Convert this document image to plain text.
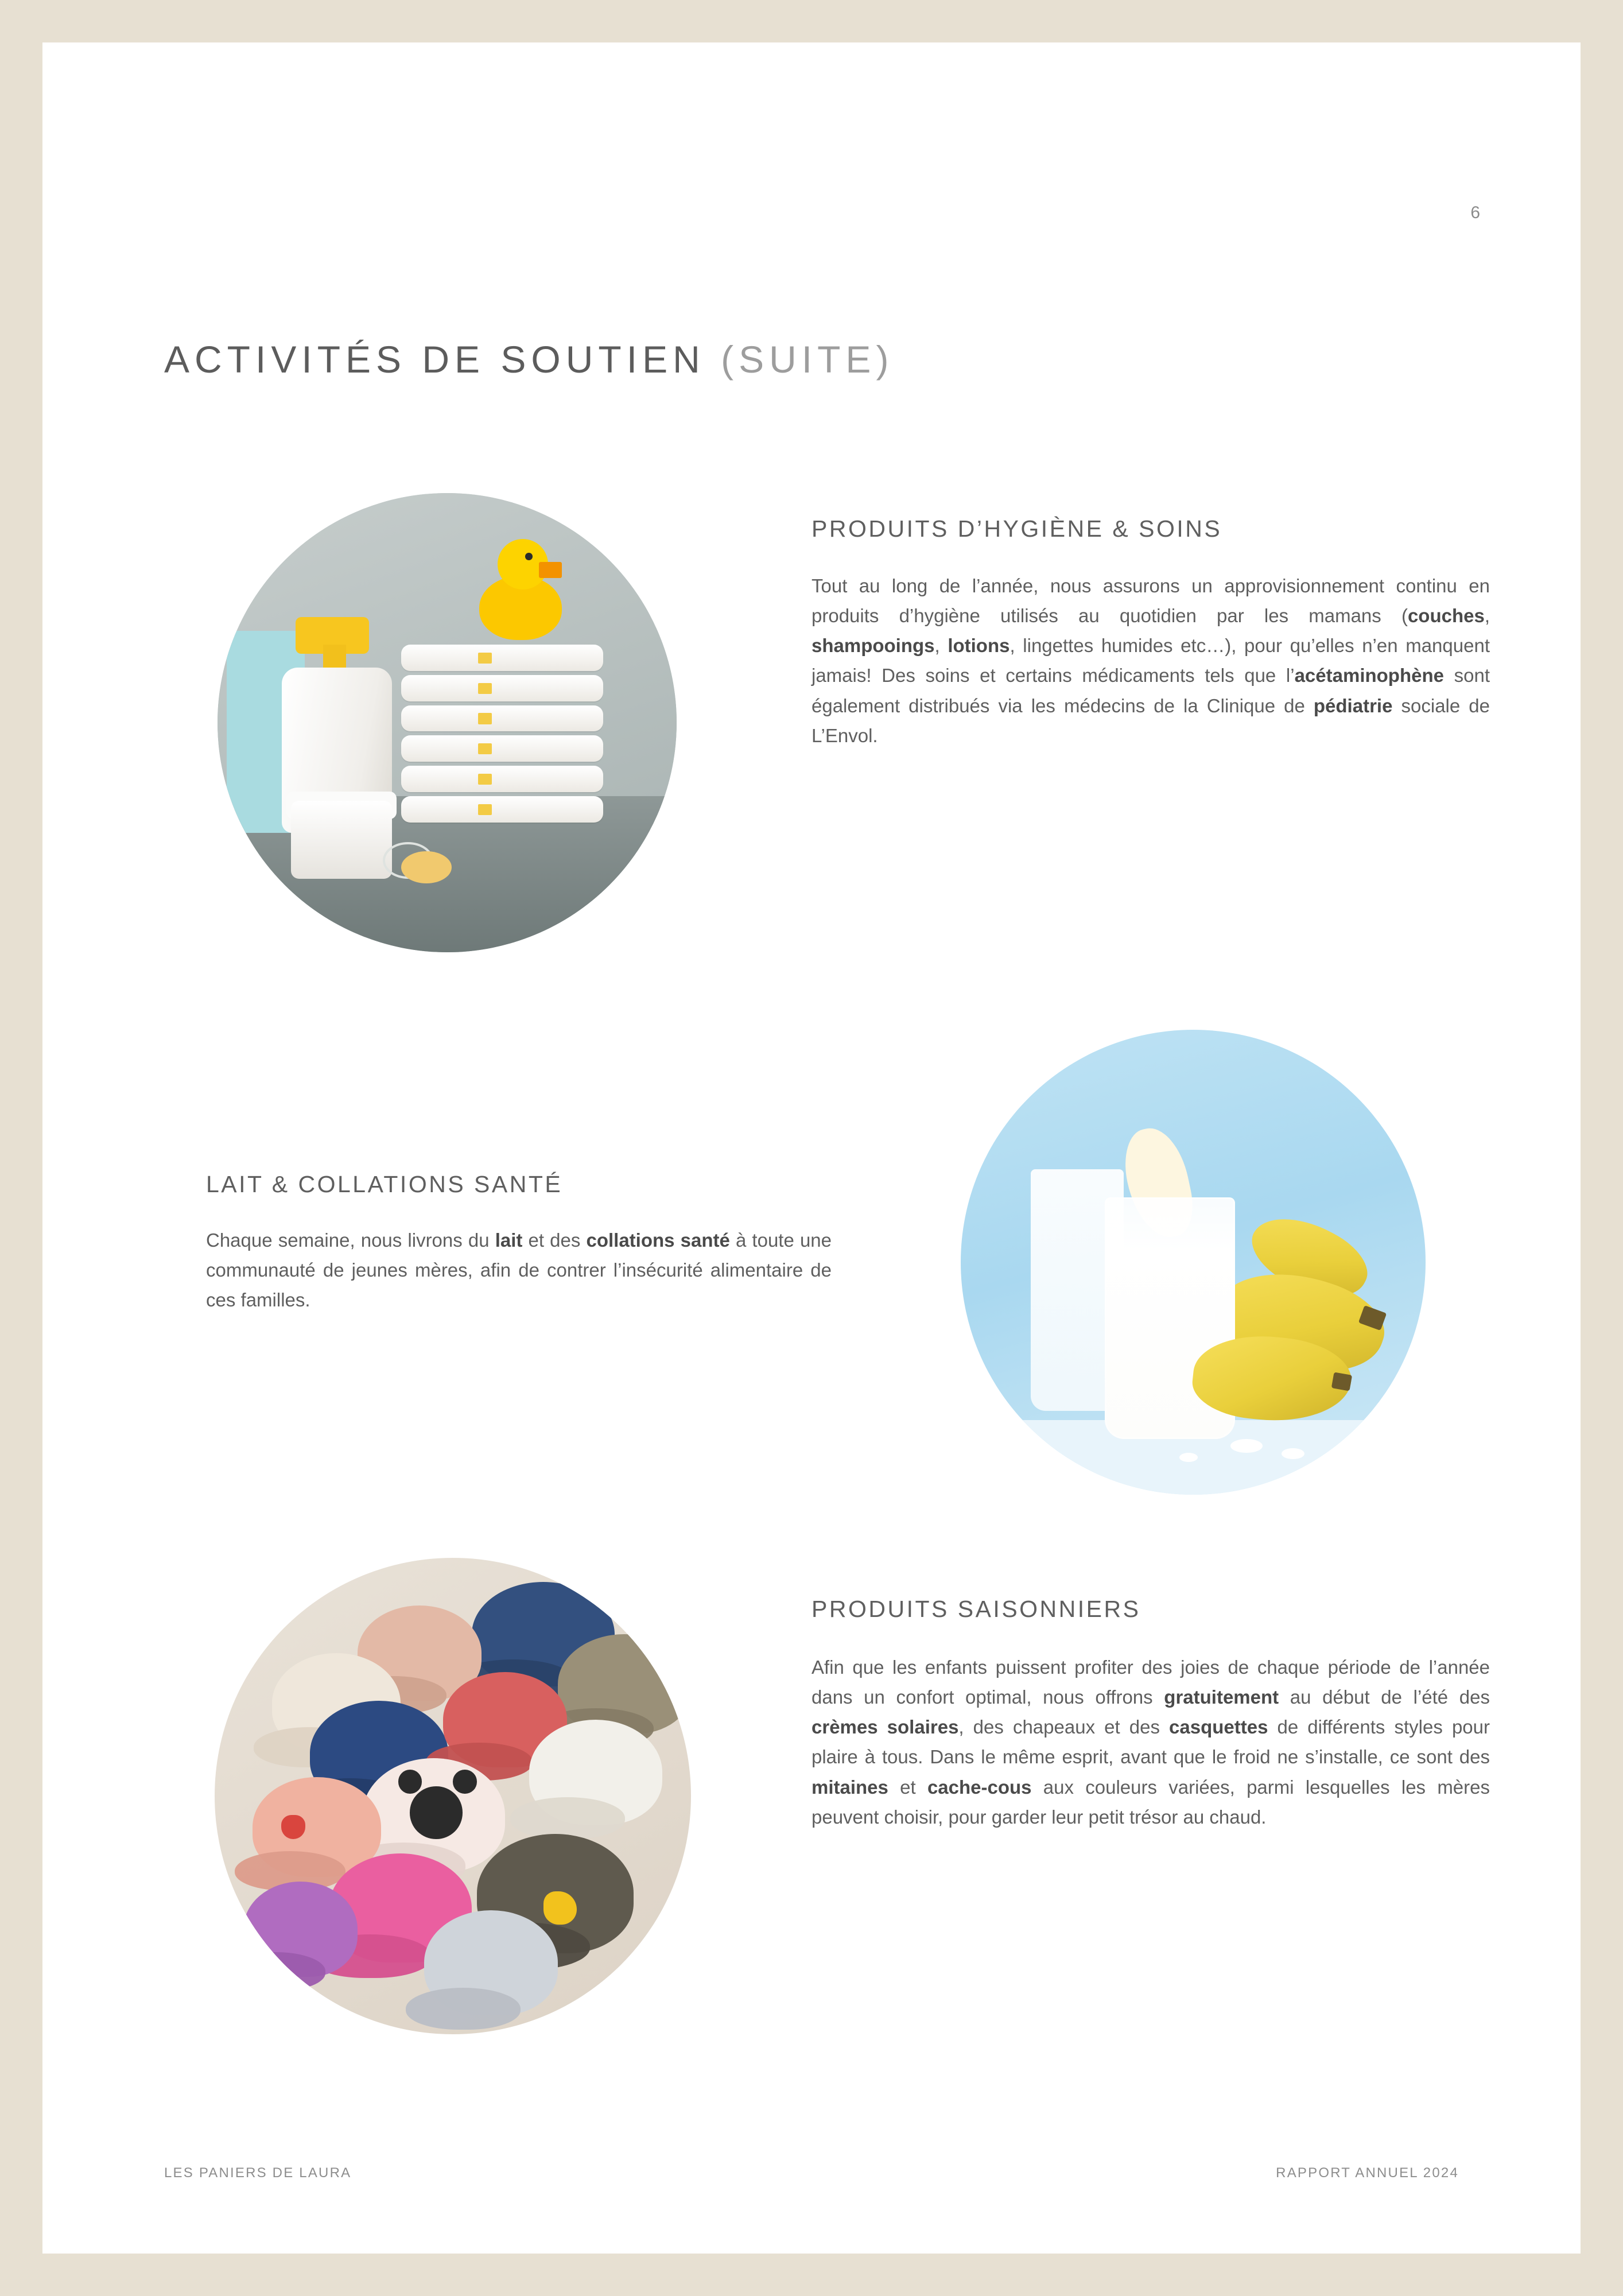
6
ACTIVITÉS DE SOUTIEN (SUITE)
PRODUITS D’HYGIÈNE & SOINS

Tout au long de l’année, nous assurons un approvisionnement continu en produits d’hygiène utilisés au quotidien par les mamans (couches, shampooings, lotions, lingettes humides etc…), pour qu’elles n’en manquent jamais! Des soins et certains médicaments tels que l’acétaminophène sont également distribués via les médecins de la Clinique de pédiatrie sociale de L’Envol.

LAIT & COLLATIONS SANTÉ

Chaque semaine, nous livrons du lait et des collations santé à toute une communauté de jeunes mères, afin de contrer l’insécurité alimentaire de ces familles.

PRODUITS SAISONNIERS

Afin que les enfants puissent profiter des joies de chaque période de l’année dans un confort optimal, nous offrons gratuitement au début de l’été des crèmes solaires, des chapeaux et des casquettes de différents styles pour plaire à tous. Dans le même esprit, avant que le froid ne s’installe, ce sont des mitaines et cache-cous aux couleurs variées, parmi lesquelles les mères peuvent choisir, pour garder leur petit trésor au chaud.

LES PANIERS DE LAURA	RAPPORT ANNUEL 2024
